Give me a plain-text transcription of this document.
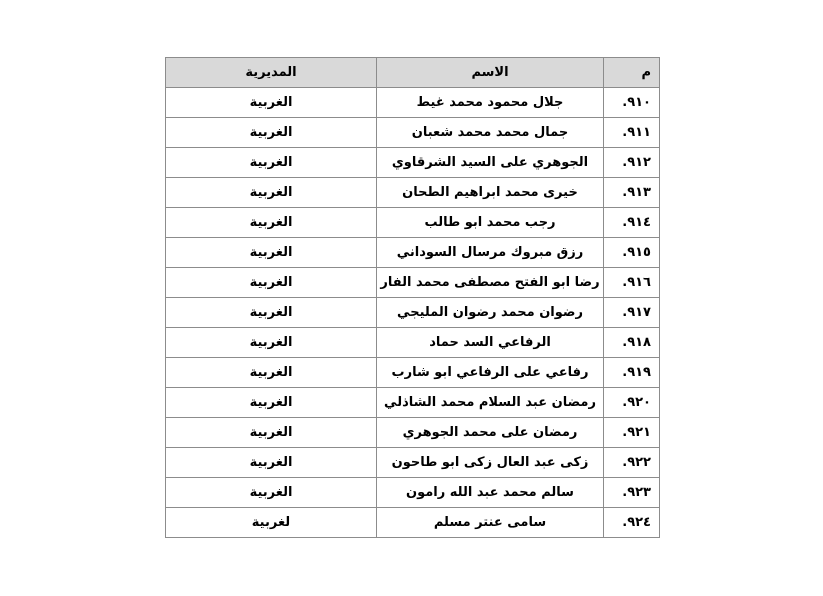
م	الاسم	المديرية
٩١٠.	جلال محمود محمد غيط	الغربية
٩١١.	جمال محمد محمد شعبان	الغربية
٩١٢.	الجوهري على السيد الشرقاوي	الغربية
٩١٣.	خيرى محمد ابراهيم الطحان	الغربية
٩١٤.	رجب محمد ابو طالب	الغربية
٩١٥.	رزق مبروك مرسال السوداني	الغربية
٩١٦.	رضا ابو الفتح مصطفى محمد الفار	الغربية
٩١٧.	رضوان محمد رضوان المليجي	الغربية
٩١٨.	الرفاعي السد حماد	الغربية
٩١٩.	رفاعي على الرفاعي ابو شارب	الغربية
٩٢٠.	رمضان عبد السلام محمد الشاذلي	الغربية
٩٢١.	رمضان على محمد الجوهري	الغربية
٩٢٢.	زكى عبد العال زكى ابو طاحون	الغربية
٩٢٣.	سالم محمد عبد الله رامون	الغربية
٩٢٤.	سامى عنتر مسلم	لغربية
